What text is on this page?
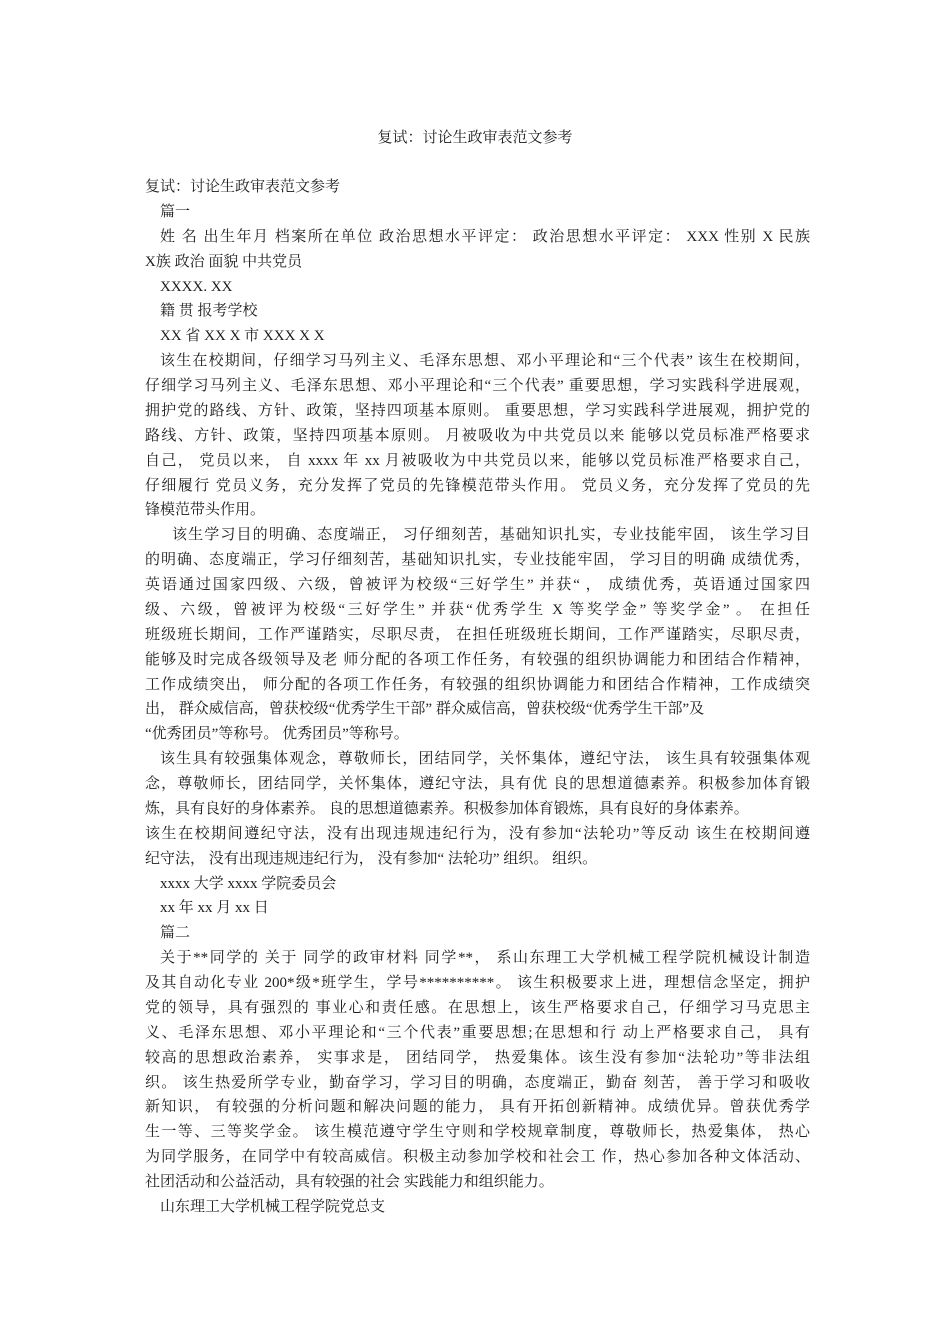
复试：讨论生政审表范文参考
复试：讨论生政审表范文参考
篇一
姓 名 出生年月 档案所在单位 政治思想水平评定： 政治思想水平评定： XXX 性别 X 民族
X族 政治 面貌 中共党员
XXXX. XX
籍 贯 报考学校
XX 省 XX X 市 XXX X X
该生在校期间，仔细学习马列主义、毛泽东思想、邓小平理论和“三个代表” 该生在校期间，
仔细学习马列主义、毛泽东思想、邓小平理论和“三个代表” 重要思想，学习实践科学进展观，
拥护党的路线、方针、政策，坚持四项基本原则。 重要思想，学习实践科学进展观，拥护党的
路线、方针、政策，坚持四项基本原则。 月被吸收为中共党员以来 能够以党员标准严格要求
自己， 党员以来， 自 xxxx 年 xx 月被吸收为中共党员以来，能够以党员标准严格要求自己，
仔细履行 党员义务，充分发挥了党员的先锋模范带头作用。 党员义务，充分发挥了党员的先
锋模范带头作用。
该生学习目的明确、态度端正， 习仔细刻苦，基础知识扎实，专业技能牢固， 该生学习目
的明确、态度端正，学习仔细刻苦，基础知识扎实，专业技能牢固， 学习目的明确 成绩优秀，
英语通过国家四级、六级，曾被评为校级“三好学生” 并获“ ， 成绩优秀，英语通过国家四
级、六级，曾被评为校级“三好学生” 并获“优秀学生 X 等奖学金” 等奖学金” 。 在担任
班级班长期间，工作严谨踏实，尽职尽责， 在担任班级班长期间，工作严谨踏实，尽职尽责，
能够及时完成各级领导及老 师分配的各项工作任务，有较强的组织协调能力和团结合作精神，
工作成绩突出， 师分配的各项工作任务，有较强的组织协调能力和团结合作精神，工作成绩突
出， 群众威信高，曾获校级“优秀学生干部” 群众威信高，曾获校级“优秀学生干部”及
“优秀团员”等称号。 优秀团员”等称号。
该生具有较强集体观念，尊敬师长，团结同学，关怀集体，遵纪守法， 该生具有较强集体观
念，尊敬师长，团结同学，关怀集体，遵纪守法，具有优 良的思想道德素养。积极参加体育锻
炼，具有良好的身体素养。 良的思想道德素养。积极参加体育锻炼，具有良好的身体素养。
该生在校期间遵纪守法，没有出现违规违纪行为，没有参加“法轮功”等反动 该生在校期间遵
纪守法， 没有出现违规违纪行为， 没有参加“ 法轮功” 组织。 组织。
xxxx 大学 xxxx 学院委员会
xx 年 xx 月 xx 日
篇二
关于**同学的 关于 同学的政审材料 同学**， 系山东理工大学机械工程学院机械设计制造
及其自动化专业 200*级*班学生，学号**********。 该生积极要求上进，理想信念坚定，拥护
党的领导，具有强烈的 事业心和责任感。在思想上，该生严格要求自己，仔细学习马克思主
义、毛泽东思想、邓小平理论和“三个代表”重要思想;在思想和行 动上严格要求自己， 具有
较高的思想政治素养， 实事求是， 团结同学， 热爱集体。该生没有参加“法轮功”等非法组
织。 该生热爱所学专业，勤奋学习，学习目的明确，态度端正，勤奋 刻苦， 善于学习和吸收
新知识， 有较强的分析问题和解决问题的能力， 具有开拓创新精神。成绩优异。曾获优秀学
生一等、三等奖学金。 该生模范遵守学生守则和学校规章制度，尊敬师长，热爱集体， 热心
为同学服务，在同学中有较高威信。积极主动参加学校和社会工 作，热心参加各种文体活动、
社团活动和公益活动，具有较强的社会 实践能力和组织能力。
山东理工大学机械工程学院党总支
